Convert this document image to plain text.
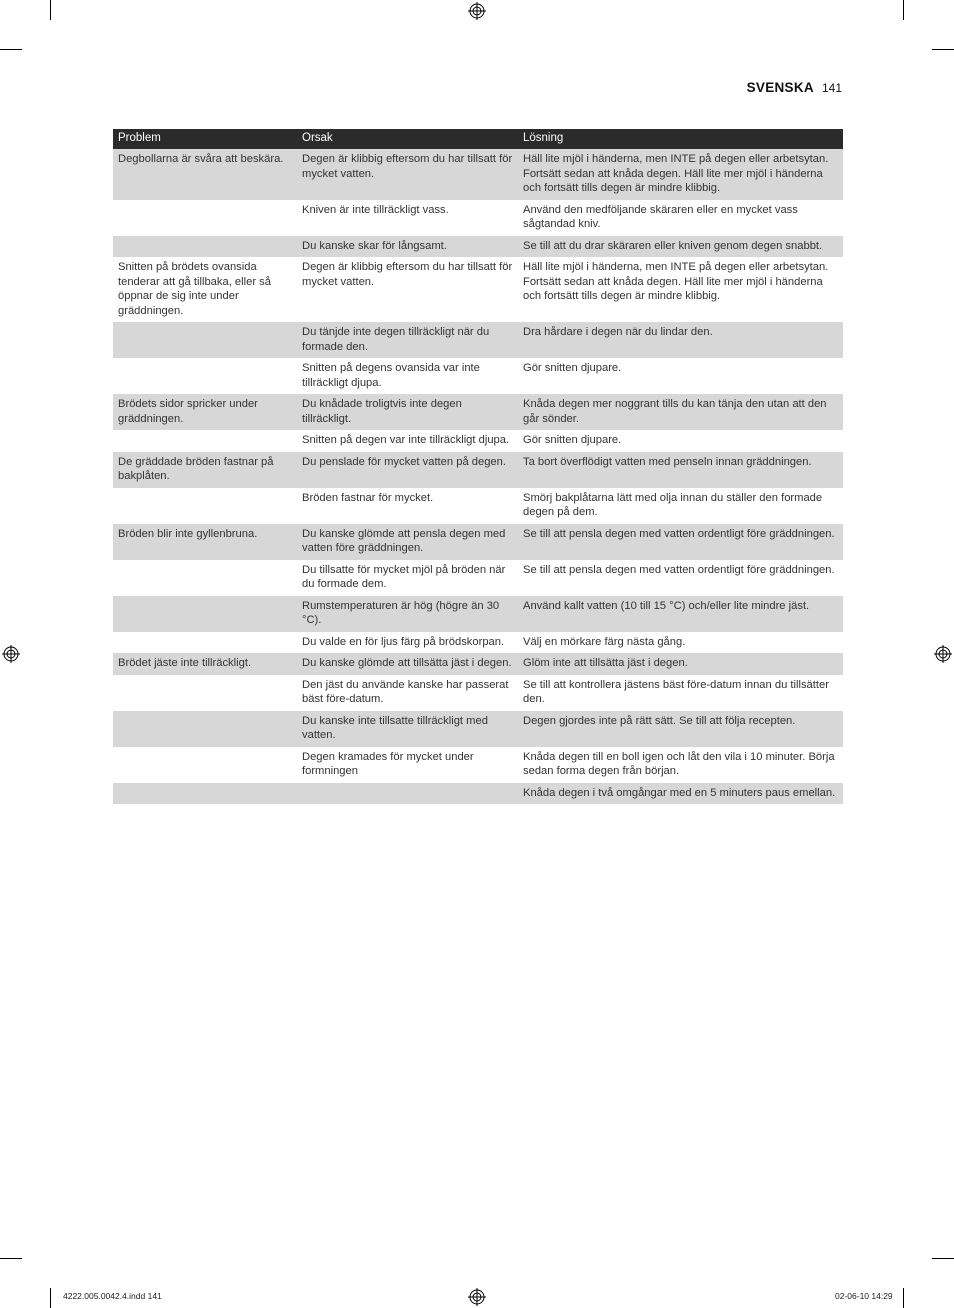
SVENSKA 141
Problem	Orsak	Lösning
Degbollarna är svåra att beskära.	Degen är klibbig eftersom du har tillsatt för mycket vatten.	Häll lite mjöl i händerna, men INTE på degen eller arbetsytan. Fortsätt sedan att knåda degen. Häll lite mer mjöl i händerna och fortsätt tills degen är mindre klibbig.
	Kniven är inte tillräckligt vass.	Använd den medföljande skäraren eller en mycket vass sågtandad kniv.
	Du kanske skar för långsamt.	Se till att du drar skäraren eller kniven genom degen snabbt.
Snitten på brödets ovansida tenderar att gå tillbaka, eller så öppnar de sig inte under gräddningen.	Degen är klibbig eftersom du har tillsatt för mycket vatten.	Häll lite mjöl i händerna, men INTE på degen eller arbetsytan. Fortsätt sedan att knåda degen. Häll lite mer mjöl i händerna och fortsätt tills degen är mindre klibbig.
	Du tänjde inte degen tillräckligt när du formade den.	Dra hårdare i degen när du lindar den.
	Snitten på degens ovansida var inte tillräckligt djupa.	Gör snitten djupare.
Brödets sidor spricker under gräddningen.	Du knådade troligtvis inte degen tillräckligt.	Knåda degen mer noggrant tills du kan tänja den utan att den går sönder.
	Snitten på degen var inte tillräckligt djupa.	Gör snitten djupare.
De gräddade bröden fastnar på bakplåten.	Du penslade för mycket vatten på degen.	Ta bort överflödigt vatten med penseln innan gräddningen.
	Bröden fastnar för mycket.	Smörj bakplåtarna lätt med olja innan du ställer den formade degen på dem.
Bröden blir inte gyllenbruna.	Du kanske glömde att pensla degen med vatten före gräddningen.	Se till att pensla degen med vatten ordentligt före gräddningen.
	Du tillsatte för mycket mjöl på bröden när du formade dem.	Se till att pensla degen med vatten ordentligt före gräddningen.
	Rumstemperaturen är hög (högre än 30 °C).	Använd kallt vatten (10 till 15 °C) och/eller lite mindre jäst.
	Du valde en för ljus färg på brödskorpan.	Välj en mörkare färg nästa gång.
Brödet jäste inte tillräckligt.	Du kanske glömde att tillsätta jäst i degen.	Glöm inte att tillsätta jäst i degen.
	Den jäst du använde kanske har passerat bäst före-datum.	Se till att kontrollera jästens bäst före-datum innan du tillsätter den.
	Du kanske inte tillsatte tillräckligt med vatten.	Degen gjordes inte på rätt sätt. Se till att följa recepten.
	Degen kramades för mycket under formningen	Knåda degen till en boll igen och låt den vila i 10 minuter. Börja sedan forma degen från början.
		Knåda degen i två omgångar med en 5 minuters paus emellan.
4222.005.0042.4.indd 141	02-06-10 14:29
